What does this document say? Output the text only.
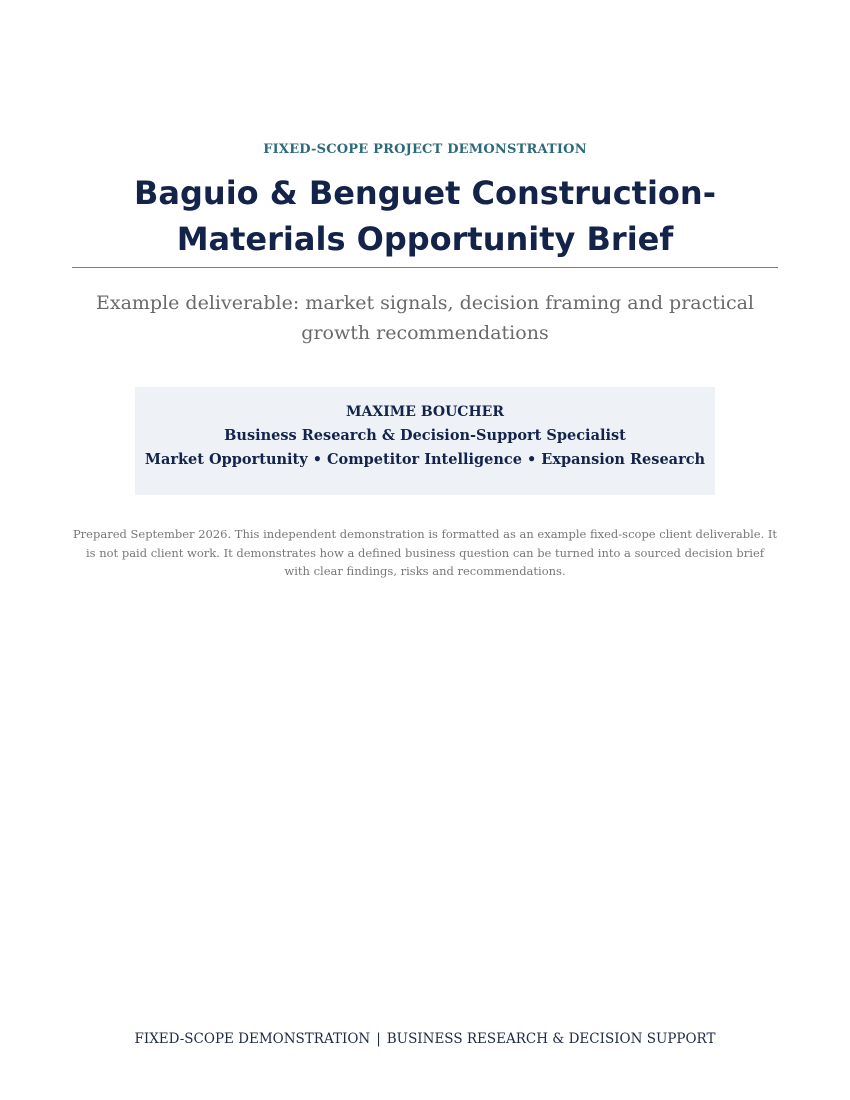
FIXED-SCOPE PROJECT DEMONSTRATION
Baguio & Benguet Construction-Materials Opportunity Brief
Example deliverable: market signals, decision framing and practical growth recommendations
MAXIME BOUCHER
Business Research & Decision-Support Specialist
Market Opportunity • Competitor Intelligence • Expansion Research
Prepared September 2026. This independent demonstration is formatted as an example fixed-scope client deliverable. It is not paid client work. It demonstrates how a defined business question can be turned into a sourced decision brief with clear findings, risks and recommendations.
FIXED-SCOPE DEMONSTRATION | BUSINESS RESEARCH & DECISION SUPPORT
